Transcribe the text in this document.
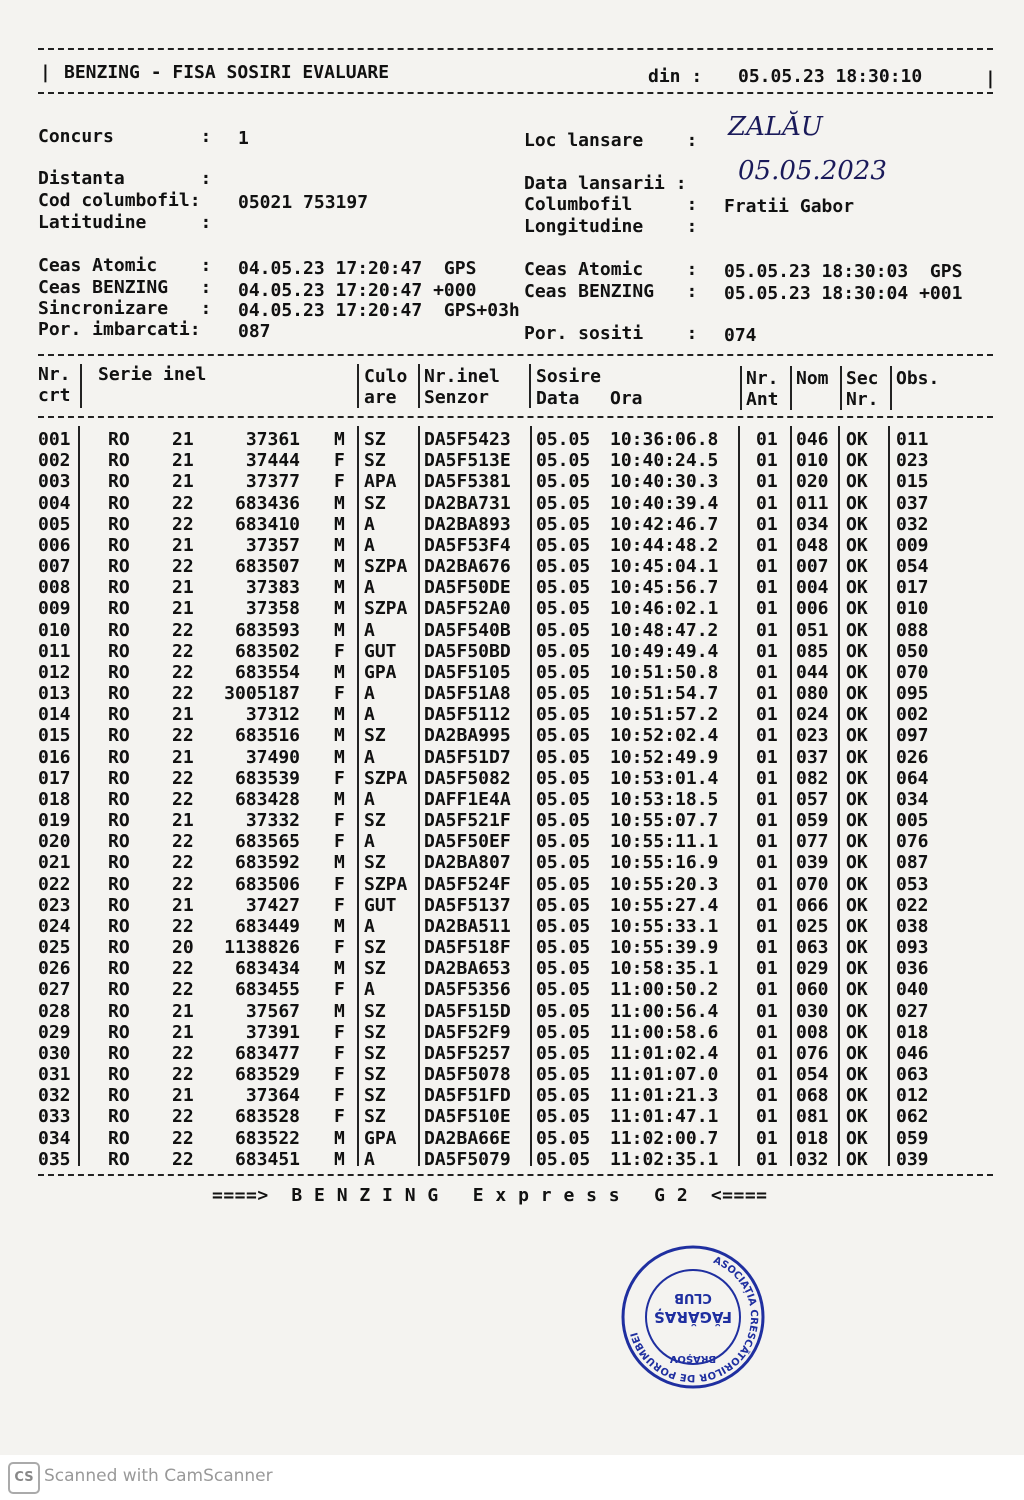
| BENZING - FISA SOSIRI EVALUARE	din : 05.05.23 18:30:10	|
Concurs        : 1
Distanta       :
Cod columbofil: 05021 753197
Latitudine     :
Loc lansare    : ZALĂU
Data lansarii : 05.05.2023
Columbofil     : Fratii Gabor
Longitudine    :
Ceas Atomic    : 04.05.23 17:20:47  GPS
Ceas BENZING   : 04.05.23 17:20:47 +000
Sincronizare   : 04.05.23 17:20:47  GPS+03h
Por. imbarcati: 087
Ceas Atomic    : 05.05.23 18:30:03  GPS
Ceas BENZING   : 05.05.23 18:30:04 +001
Por. sositi    : 074
Nr.
crt
Serie inel	Culo
are
Nr.inel
Senzor
Sosire
Data Ora
Nr.
Ant
Nom Sec
Nr.
Obs.
001	RO	21	37361 M	SZ	DA5F5423	05.05	10:36:06.8	01	046 OK	011
002	RO	21	37444 F	SZ	DA5F513E	05.05	10:40:24.5	01	010 OK	023
003	RO	21	37377 F	APA	DA5F5381	05.05	10:40:30.3	01	020 OK	015
004	RO	22	683436 M	SZ	DA2BA731	05.05	10:40:39.4	01	011 OK	037
005	RO	22	683410 M	A	DA2BA893	05.05	10:42:46.7	01	034 OK	032
006	RO	21	37357 M	A	DA5F53F4	05.05	10:44:48.2	01	048 OK	009
007	RO	22	683507 M	SZPA DA2BA676	05.05	10:45:04.1	01	007 OK	054
008	RO	21	37383 M	A	DA5F50DE	05.05	10:45:56.7	01	004 OK	017
009	RO	21	37358 M	SZPA DA5F52A0	05.05	10:46:02.1	01	006 OK	010
010	RO	22	683593 M	A	DA5F540B	05.05	10:48:47.2	01	051 OK	088
011	RO	22	683502 F	GUT	DA5F50BD	05.05	10:49:49.4	01	085 OK	050
012	RO	22	683554 M	GPA	DA5F5105	05.05	10:51:50.8	01	044 OK	070
013	RO	22	3005187 F	A	DA5F51A8	05.05	10:51:54.7	01	080 OK	095
014	RO	21	37312 M	A	DA5F5112	05.05	10:51:57.2	01	024 OK	002
015	RO	22	683516 M	SZ	DA2BA995	05.05	10:52:02.4	01	023 OK	097
016	RO	21	37490 M	A	DA5F51D7	05.05	10:52:49.9	01	037 OK	026
017	RO	22	683539 F	SZPA DA5F5082	05.05	10:53:01.4	01	082 OK	064
018	RO	22	683428 M	A	DAFF1E4A	05.05	10:53:18.5	01	057 OK	034
019	RO	21	37332 F	SZ	DA5F521F	05.05	10:55:07.7	01	059 OK	005
020	RO	22	683565 F	A	DA5F50EF	05.05	10:55:11.1	01	077 OK	076
021	RO	22	683592 M	SZ	DA2BA807	05.05	10:55:16.9	01	039 OK	087
022	RO	22	683506 F	SZPA DA5F524F	05.05	10:55:20.3	01	070 OK	053
023	RO	21	37427 F	GUT	DA5F5137	05.05	10:55:27.4	01	066 OK	022
024	RO	22	683449 M	A	DA2BA511	05.05	10:55:33.1	01	025 OK	038
025	RO	20	1138826 F	SZ	DA5F518F	05.05	10:55:39.9	01	063 OK	093
026	RO	22	683434 M	SZ	DA2BA653	05.05	10:58:35.1	01	029 OK	036
027	RO	22	683455 F	A	DA5F5356	05.05	11:00:50.2	01	060 OK	040
028	RO	21	37567 M	SZ	DA5F515D	05.05	11:00:56.4	01	030 OK	027
029	RO	21	37391 F	SZ	DA5F52F9	05.05	11:00:58.6	01	008 OK	018
030	RO	22	683477 F	SZ	DA5F5257	05.05	11:01:02.4	01	076 OK	046
031	RO	22	683529 F	SZ	DA5F5078	05.05	11:01:07.0	01	054 OK	063
032	RO	21	37364 F	SZ	DA5F51FD	05.05	11:01:21.3	01	068 OK	012
033	RO	22	683528 F	SZ	DA5F510E	05.05	11:01:47.1	01	081 OK	062
034	RO	22	683522 M	GPA	DA2BA66E	05.05	11:02:00.7	01	018 OK	059
035	RO	22	683451 M	A	DA5F5079	05.05	11:02:35.1	01	032 OK	039
====>  B E N Z I N G   E x p r e s s   G 2  <====
ASOCIAȚIA CRESCĂTORILOR DE PORUMBEI
BRAȘOV
FĂGĂRAȘ
CLUB
CS Scanned with CamScanner
